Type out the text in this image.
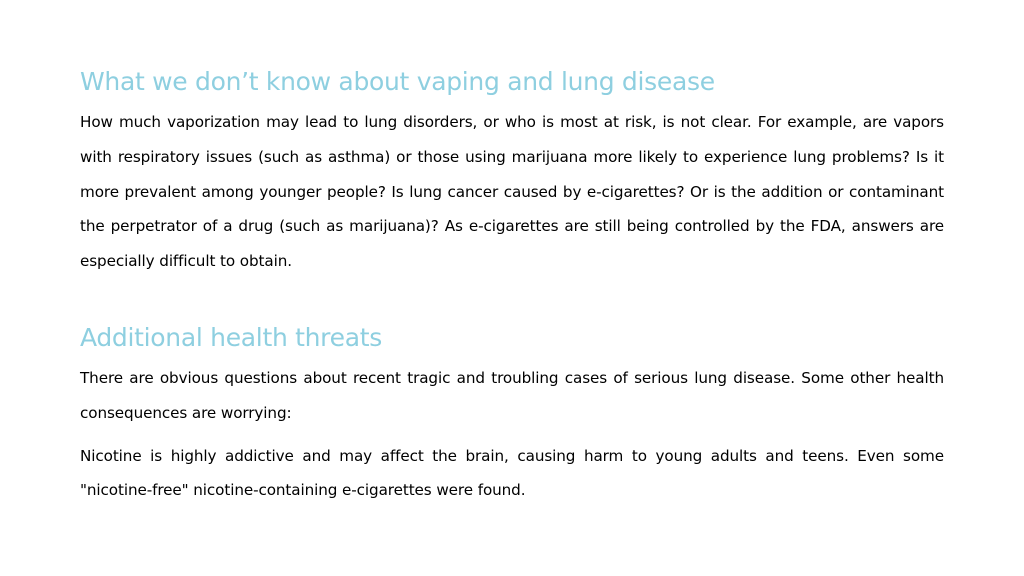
What we don’t know about vaping and lung disease

How much vaporization may lead to lung disorders, or who is most at risk, is not clear. For example, are vapors with respiratory issues (such as asthma) or those using marijuana more likely to experience lung problems? Is it more prevalent among younger people? Is lung cancer caused by e-cigarettes? Or is the addition or contaminant the perpetrator of a drug (such as marijuana)? As e-cigarettes are still being controlled by the FDA, answers are especially difficult to obtain.

Additional health threats

There are obvious questions about recent tragic and troubling cases of serious lung disease. Some other health consequences are worrying:

Nicotine is highly addictive and may affect the brain, causing harm to young adults and teens. Even some "nicotine-free" nicotine-containing e-cigarettes were found.
